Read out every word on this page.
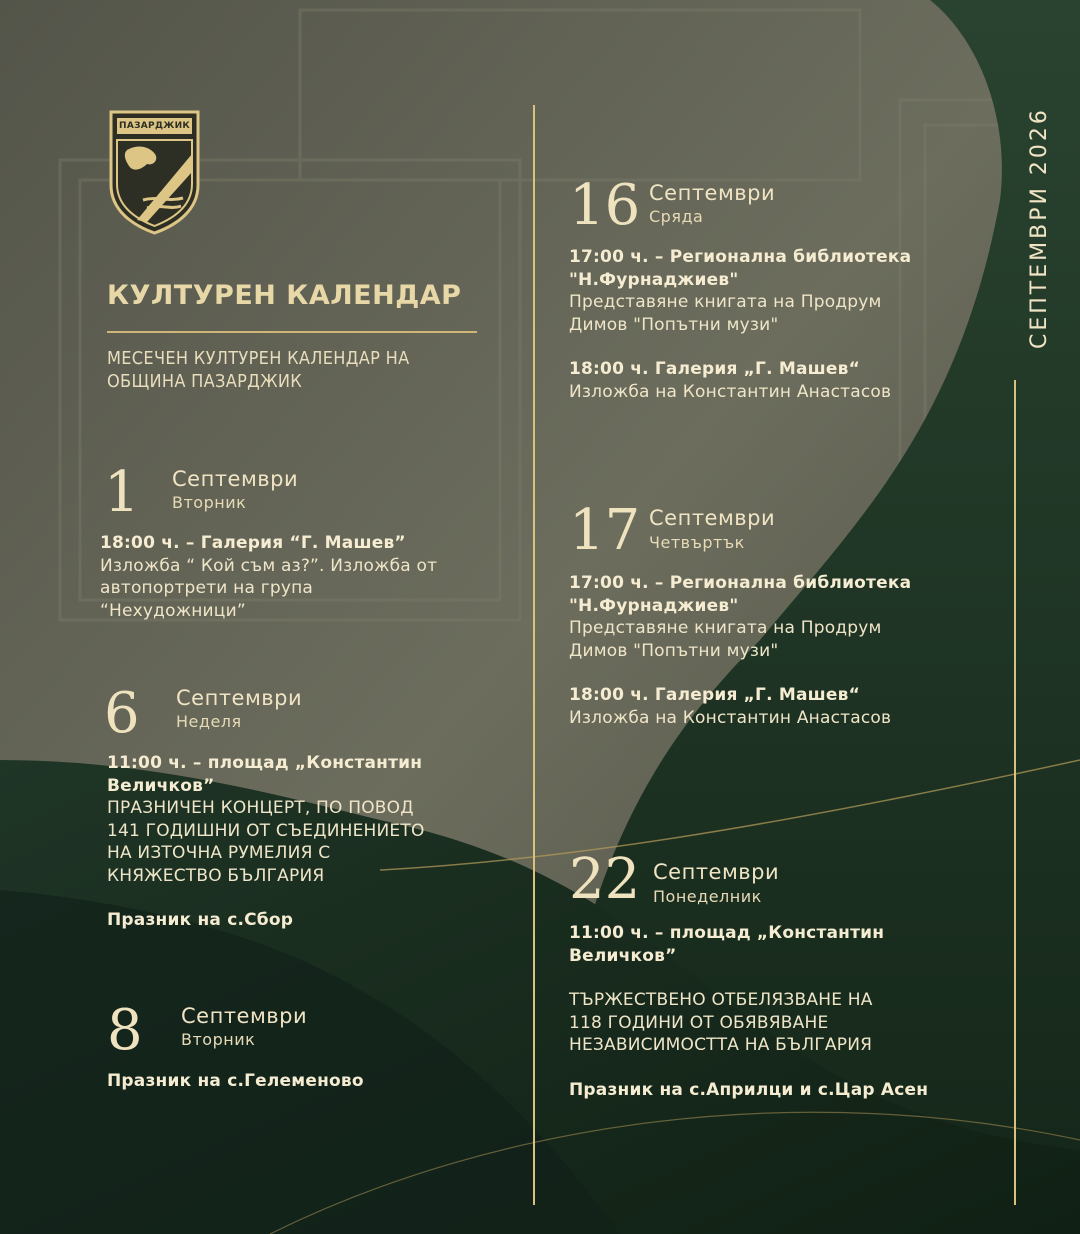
ПАЗАРДЖИК
КУЛТУРЕН КАЛЕНДАР
МЕСЕЧЕН КУЛТУРЕН КАЛЕНДАР НА
ОБЩИНА ПАЗАРДЖИК
СЕПТЕМВРИ 2026
1 Септември
Вторник
18:00 ч. – Галерия “Г. Машев”
Изложба “ Кой съм аз?”. Изложба от
автопортрети на група
“Нехудожници”
6 Септември
Неделя
11:00 ч. – площад „Константин
Величков”
ПРАЗНИЧЕН КОНЦЕРТ, ПО ПОВОД
141 ГОДИШНИ ОТ СЪЕДИНЕНИЕТО
НА ИЗТОЧНА РУМЕЛИЯ С
КНЯЖЕСТВО БЪЛГАРИЯ
Празник на с.Сбор
8 Септември
Вторник
Празник на с.Гелеменово
16 Септември
Сряда
17:00 ч. – Регионална библиотека
"Н.Фурнаджиев"
Представяне книгата на Продрум
Димов "Попътни музи"
18:00 ч. Галерия „Г. Машев“
Изложба на Константин Анастасов
17 Септември
Четвъртък
17:00 ч. – Регионална библиотека
"Н.Фурнаджиев"
Представяне книгата на Продрум
Димов "Попътни музи"
18:00 ч. Галерия „Г. Машев“
Изложба на Константин Анастасов
22 Септември
Понеделник
11:00 ч. – площад „Константин
Величков”
ТЪРЖЕСТВЕНО ОТБЕЛЯЗВАНЕ НА
118 ГОДИНИ ОТ ОБЯВЯВАНЕ
НЕЗАВИСИМОСТТА НА БЪЛГАРИЯ
Празник на с.Априлци и с.Цар Асен
